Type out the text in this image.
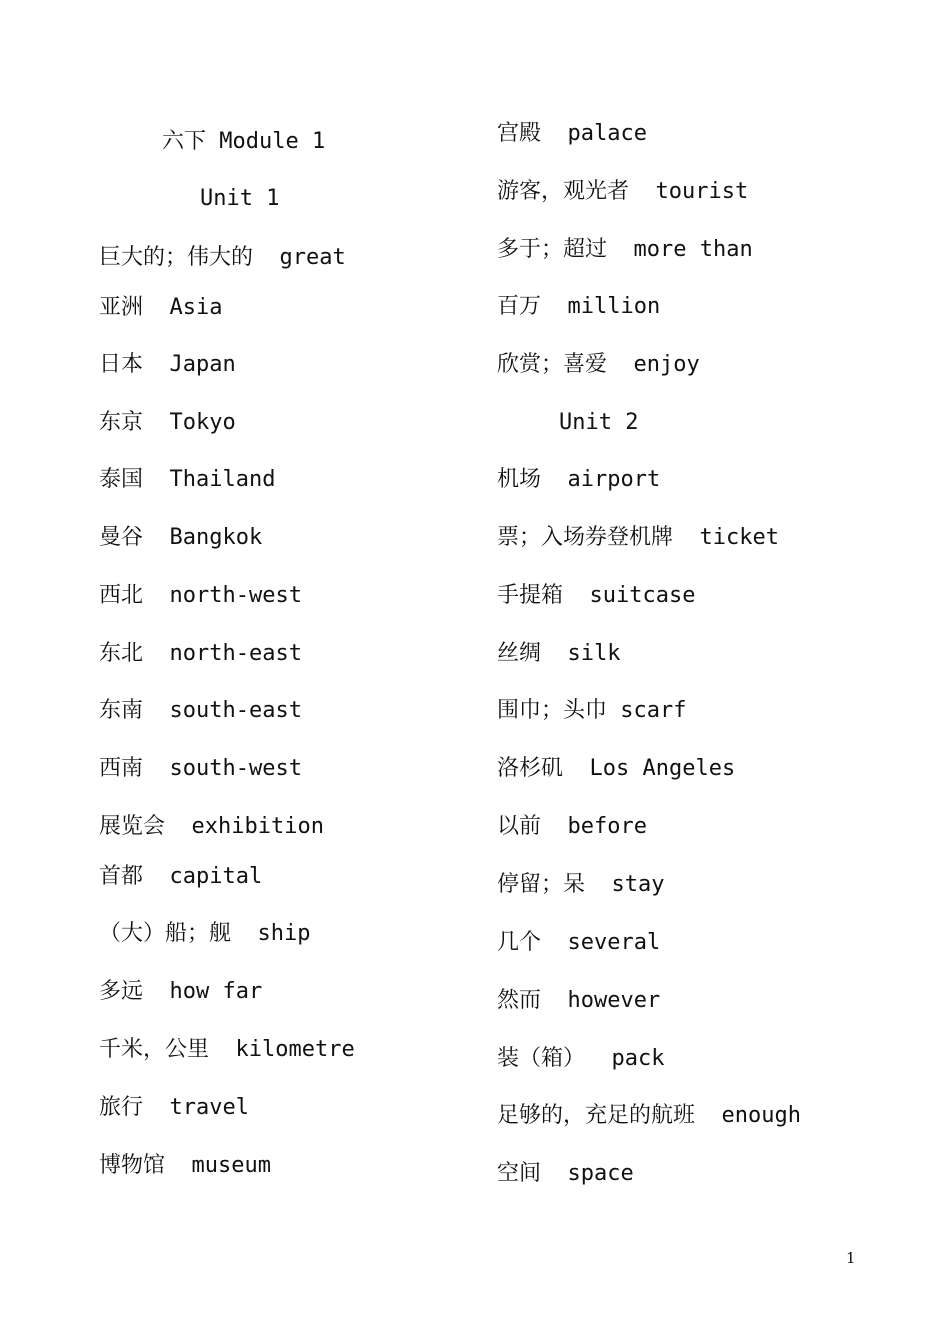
六下 Module 1
Unit 1
巨大的；伟大的  great
亚洲  Asia
日本  Japan
东京  Tokyo
泰国  Thailand
曼谷  Bangkok
西北  north-west
东北  north-east
东南  south-east
西南  south-west
展览会  exhibition
首都  capital
（大）船；舰  ship
多远  how far
千米，公里  kilometre
旅行  travel
博物馆  museum
宫殿  palace
游客，观光者  tourist
多于；超过  more than
百万  million
欣赏；喜爱  enjoy
Unit 2
机场  airport
票；入场券登机牌  ticket
手提箱  suitcase
丝绸  silk
围巾；头巾 scarf
洛杉矶  Los Angeles
以前  before
停留；呆  stay
几个  several
然而  however
装（箱）  pack
足够的，充足的航班  enough
空间  space
1
